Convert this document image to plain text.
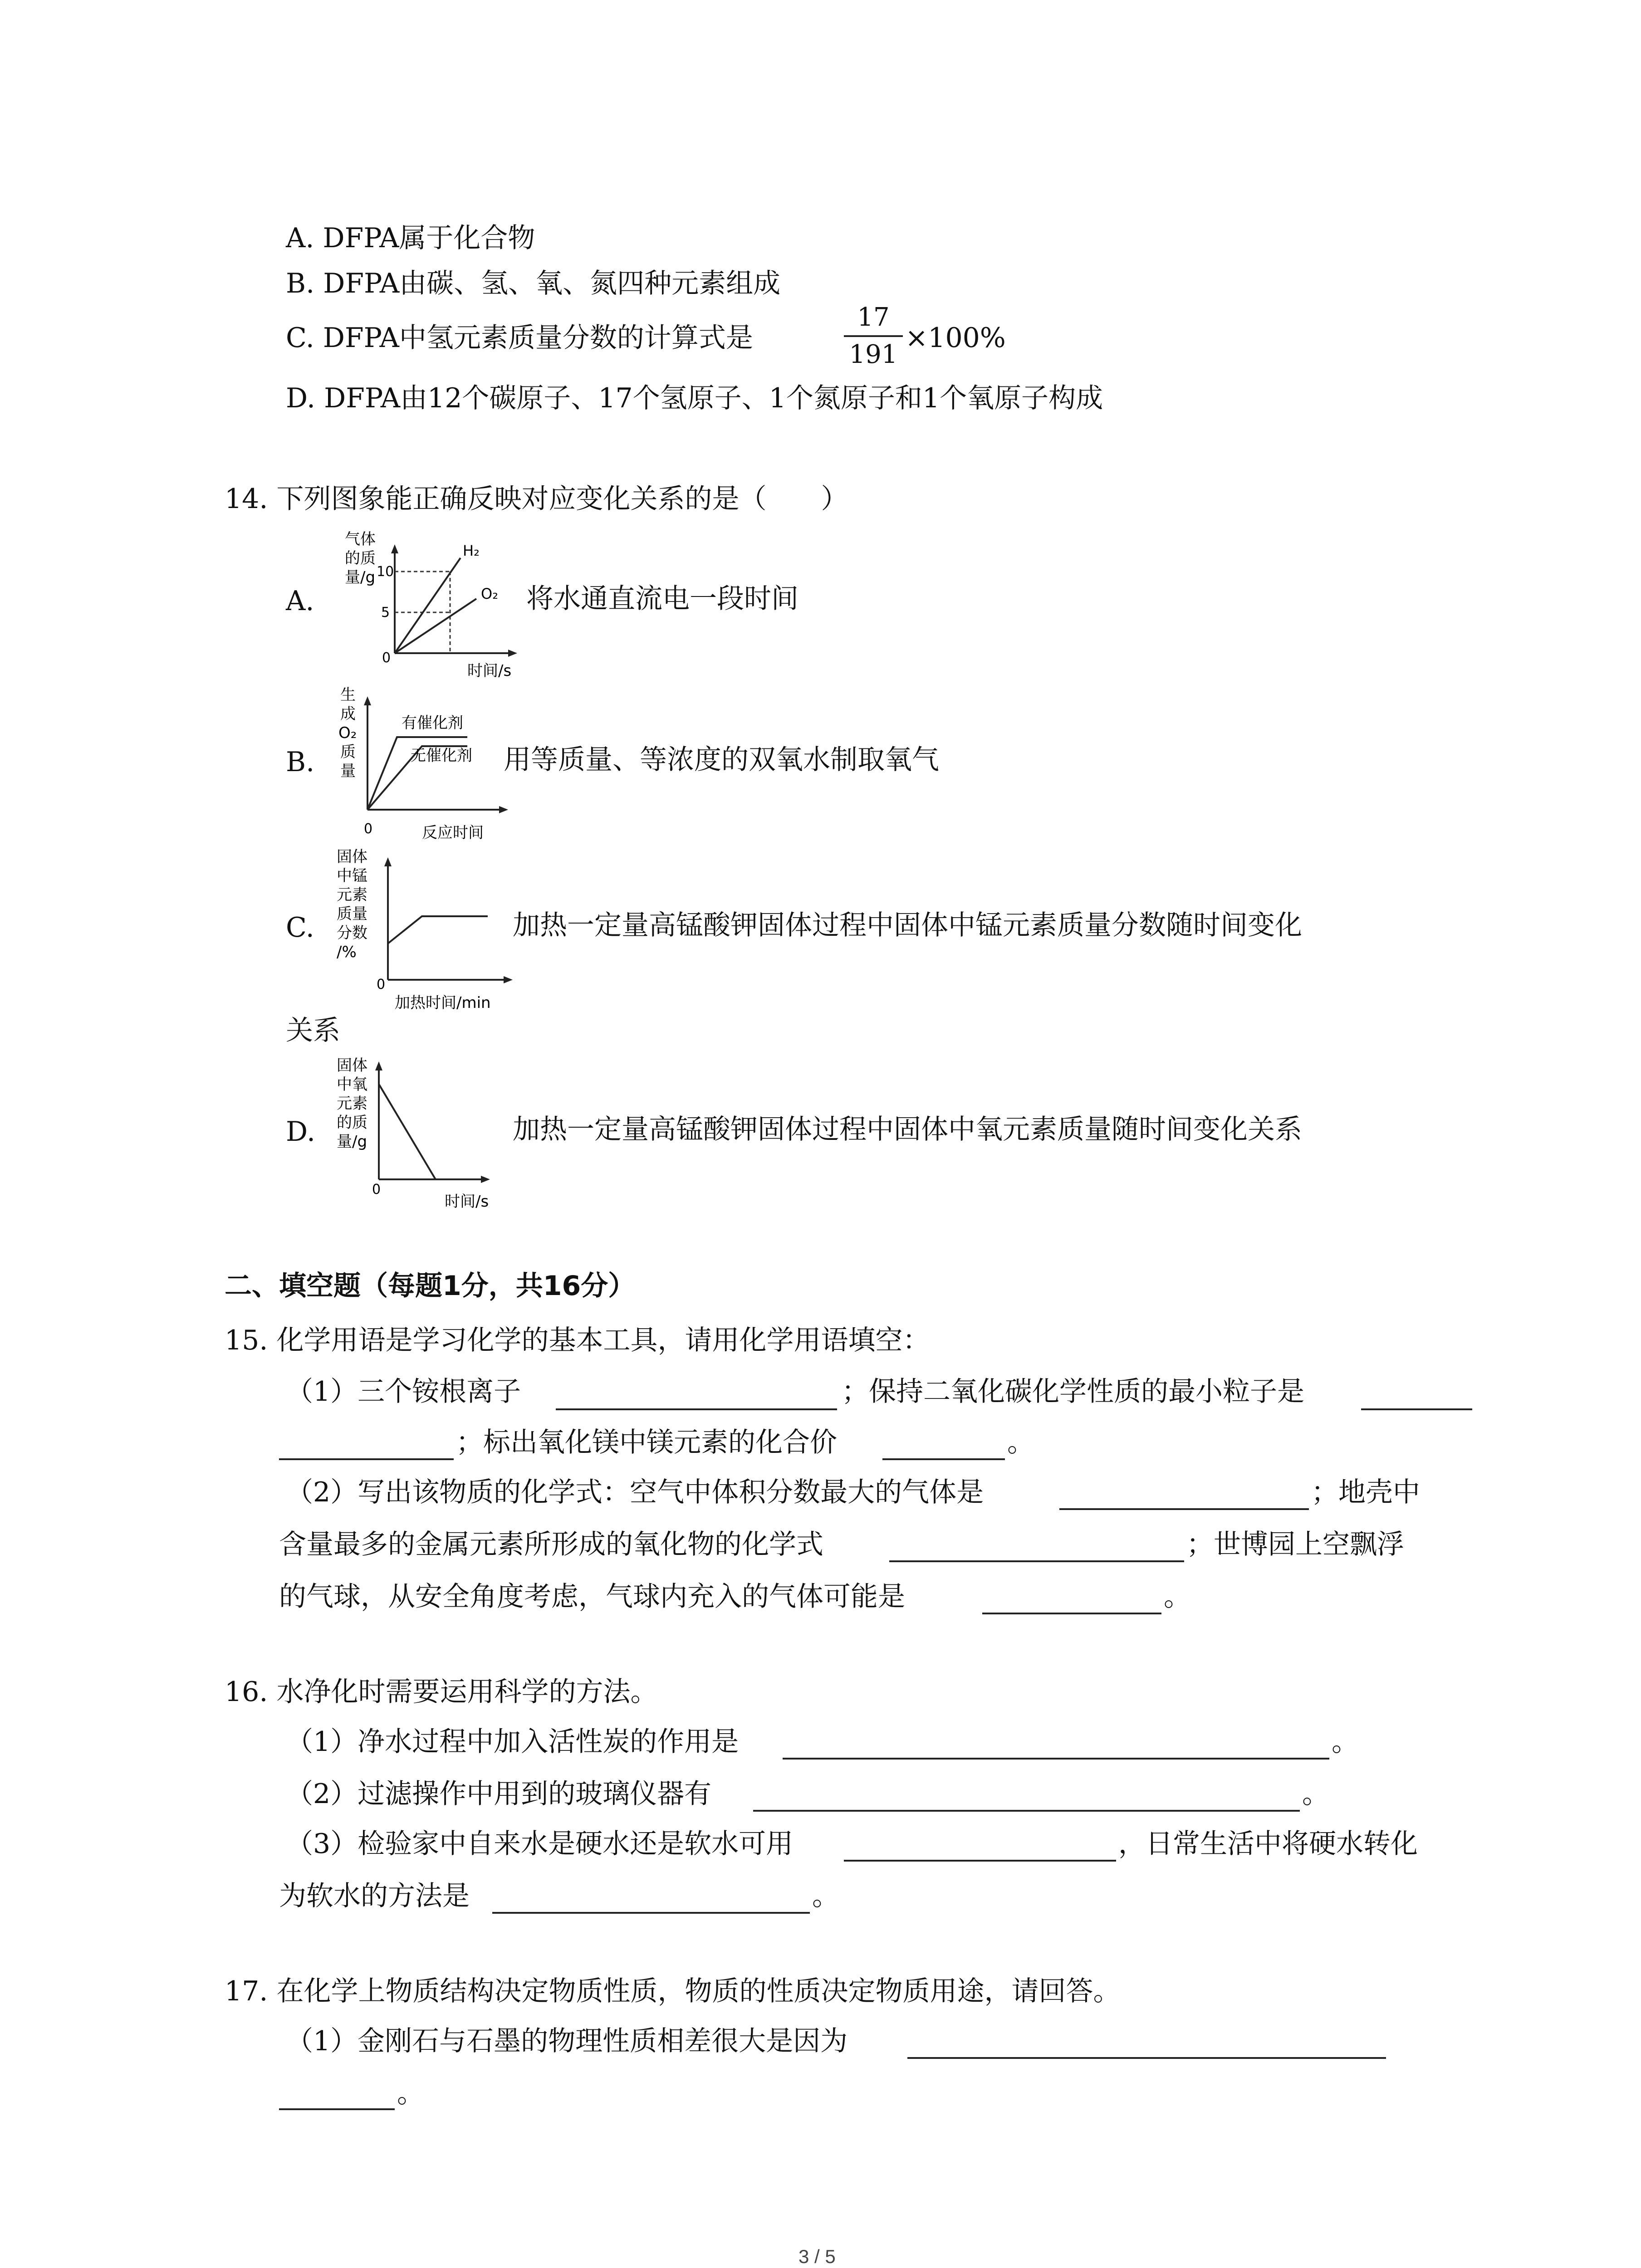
A. DFPA属于化合物
B. DFPA由碳、氢、氧、氮四种元素组成
C. DFPA中氢元素质量分数的计算式是
17
191
×100%
D. DFPA由12个碳原子、17个氢原子、1个氮原子和1个氧原子构成
14. 下列图象能正确反映对应变化关系的是（　　）
A.
气体
的质
量/g
0
10
5
H₂
O₂
时间/s
将水通直流电一段时间
B.
生
成
O₂
质
量
0
有催化剂
无催化剂
反应时间
用等质量、等浓度的双氧水制取氧气
C.
固体
中锰
元素
质量
分数
/%
0
加热时间/min
加热一定量高锰酸钾固体过程中固体中锰元素质量分数随时间变化
关系
D.
固体
中氧
元素
的质
量/g
0
时间/s
加热一定量高锰酸钾固体过程中固体中氧元素质量随时间变化关系
二、填空题（每题1分，共16分）
15. 化学用语是学习化学的基本工具，请用化学用语填空：
（1）三个铵根离子	；保持二氧化碳化学性质的最小粒子是
；标出氧化镁中镁元素的化合价	。
（2）写出该物质的化学式：空气中体积分数最大的气体是	；地壳中
含量最多的金属元素所形成的氧化物的化学式	；世博园上空飘浮
的气球，从安全角度考虑，气球内充入的气体可能是	。
16. 水净化时需要运用科学的方法。
（1）净水过程中加入活性炭的作用是	。
（2）过滤操作中用到的玻璃仪器有	。
（3）检验家中自来水是硬水还是软水可用	，日常生活中将硬水转化
为软水的方法是	。
17. 在化学上物质结构决定物质性质，物质的性质决定物质用途，请回答。
（1）金刚石与石墨的物理性质相差很大是因为
。
3 / 5
